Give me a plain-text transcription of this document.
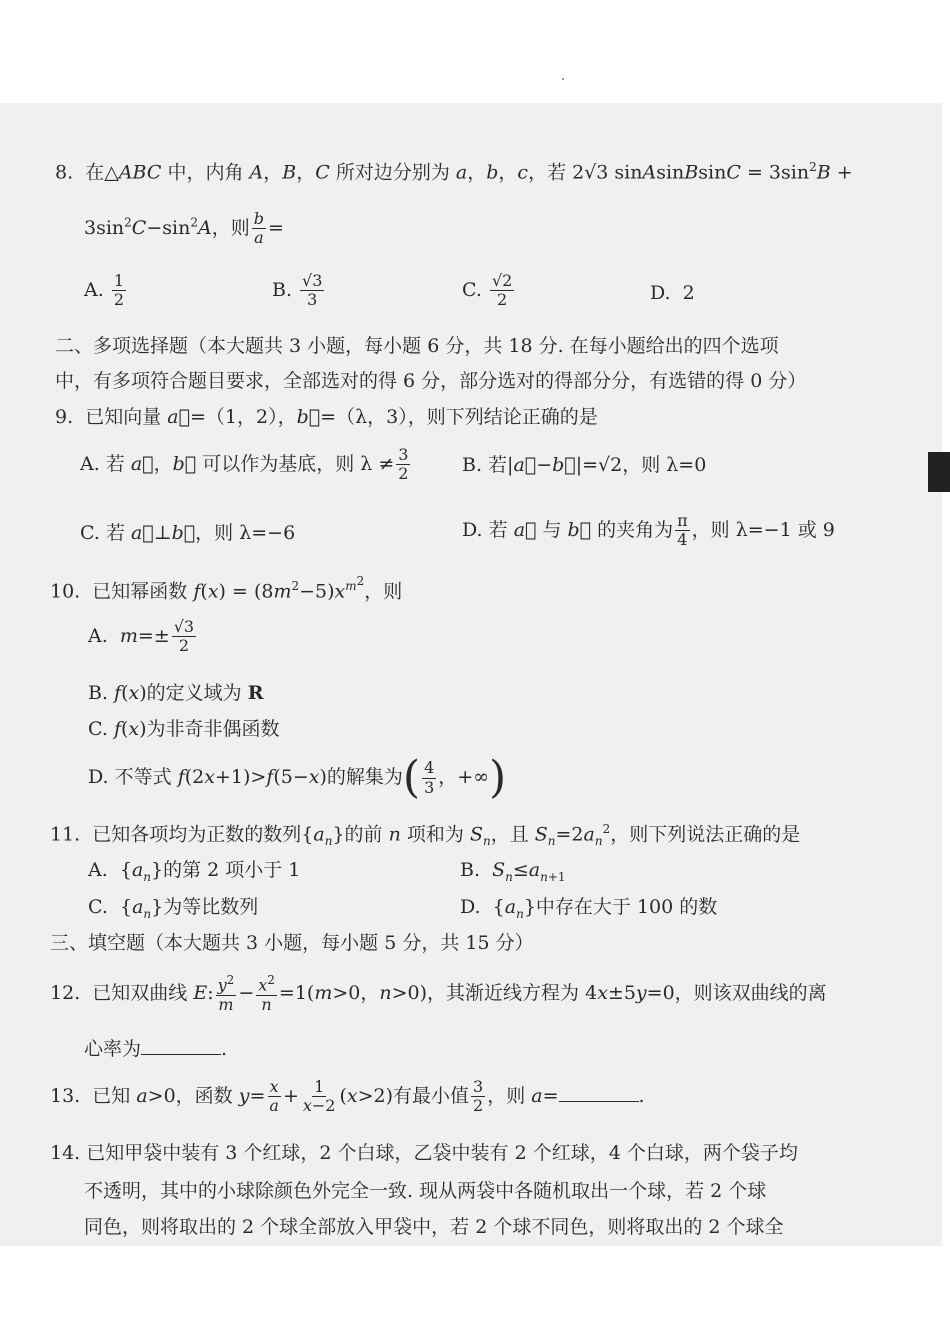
8.  在△ABC 中，内角 A，B，C 所对边分别为 a，b，c，若 2√3 sinAsinBsinC = $3\sin^2B$ +
$3\sin^2C-\sin^2A$，则 $\frac{b}{a}$ =
A. $\frac{1}{2}$	B. $\frac{√3}{3}$	C. $\frac{√2}{2}$	D.  2
二、多项选择题（本大题共 3 小题，每小题 6 分，共 18 分. 在每小题给出的四个选项
中，有多项符合题目要求，全部选对的得 6 分，部分选对的得部分分，有选错的得 0 分）
9.  已知向量 a⃗=（1，2），b⃗=（λ，3），则下列结论正确的是
A. 若 a⃗，b⃗ 可以作为基底，则 $\lambda \ne \frac{3}{2}$	B. 若|a⃗−b⃗|=√2，则 λ=0
C. 若 a⃗⊥b⃗，则 λ=−6	D. 若 a⃗ 与 b⃗ 的夹角为 $\frac{\pi}{4}$ ，则 λ=−1 或 9
10.  已知幂函数 $f(x) = (8m^2-5)x^{m^2}$，则
A.  $m=\pm \frac{√3}{2}$
B. f(x)的定义域为 R
C. f(x)为非奇非偶函数
D. 不等式 f(2x+1)>f(5−x)的解集为( $\frac{4}{3}$ ，+∞)
11.  已知各项均为正数的数列$\{a_n\}$的前 n 项和为 $S_n$，且 $S_n=2a_n^2$，则下列说法正确的是
A.  $\{a_n\}$的第 2 项小于 1	B.  $S_n\le a_{n+1}$
C.  $\{a_n\}$为等比数列	D.  $\{a_n\}$中存在大于 100 的数
三、填空题（本大题共 3 小题，每小题 5 分，共 15 分）
12.  已知双曲线 E: $\frac{y^2}{m} - \frac{x^2}{n} =1(m>0$，n>0)，其渐近线方程为 4x±5y=0，则该双曲线的离
心率为	.
13.  已知 a>0，函数 $y= \frac{x}{a} + \frac{1}{x-2} (x>2)$有最小值 $\frac{3}{2}$ ，则 a=	.
14. 已知甲袋中装有 3 个红球，2 个白球，乙袋中装有 2 个红球，4 个白球，两个袋子均
不透明，其中的小球除颜色外完全一致. 现从两袋中各随机取出一个球，若 2 个球
同色，则将取出的 2 个球全部放入甲袋中，若 2 个球不同色，则将取出的 2 个球全
